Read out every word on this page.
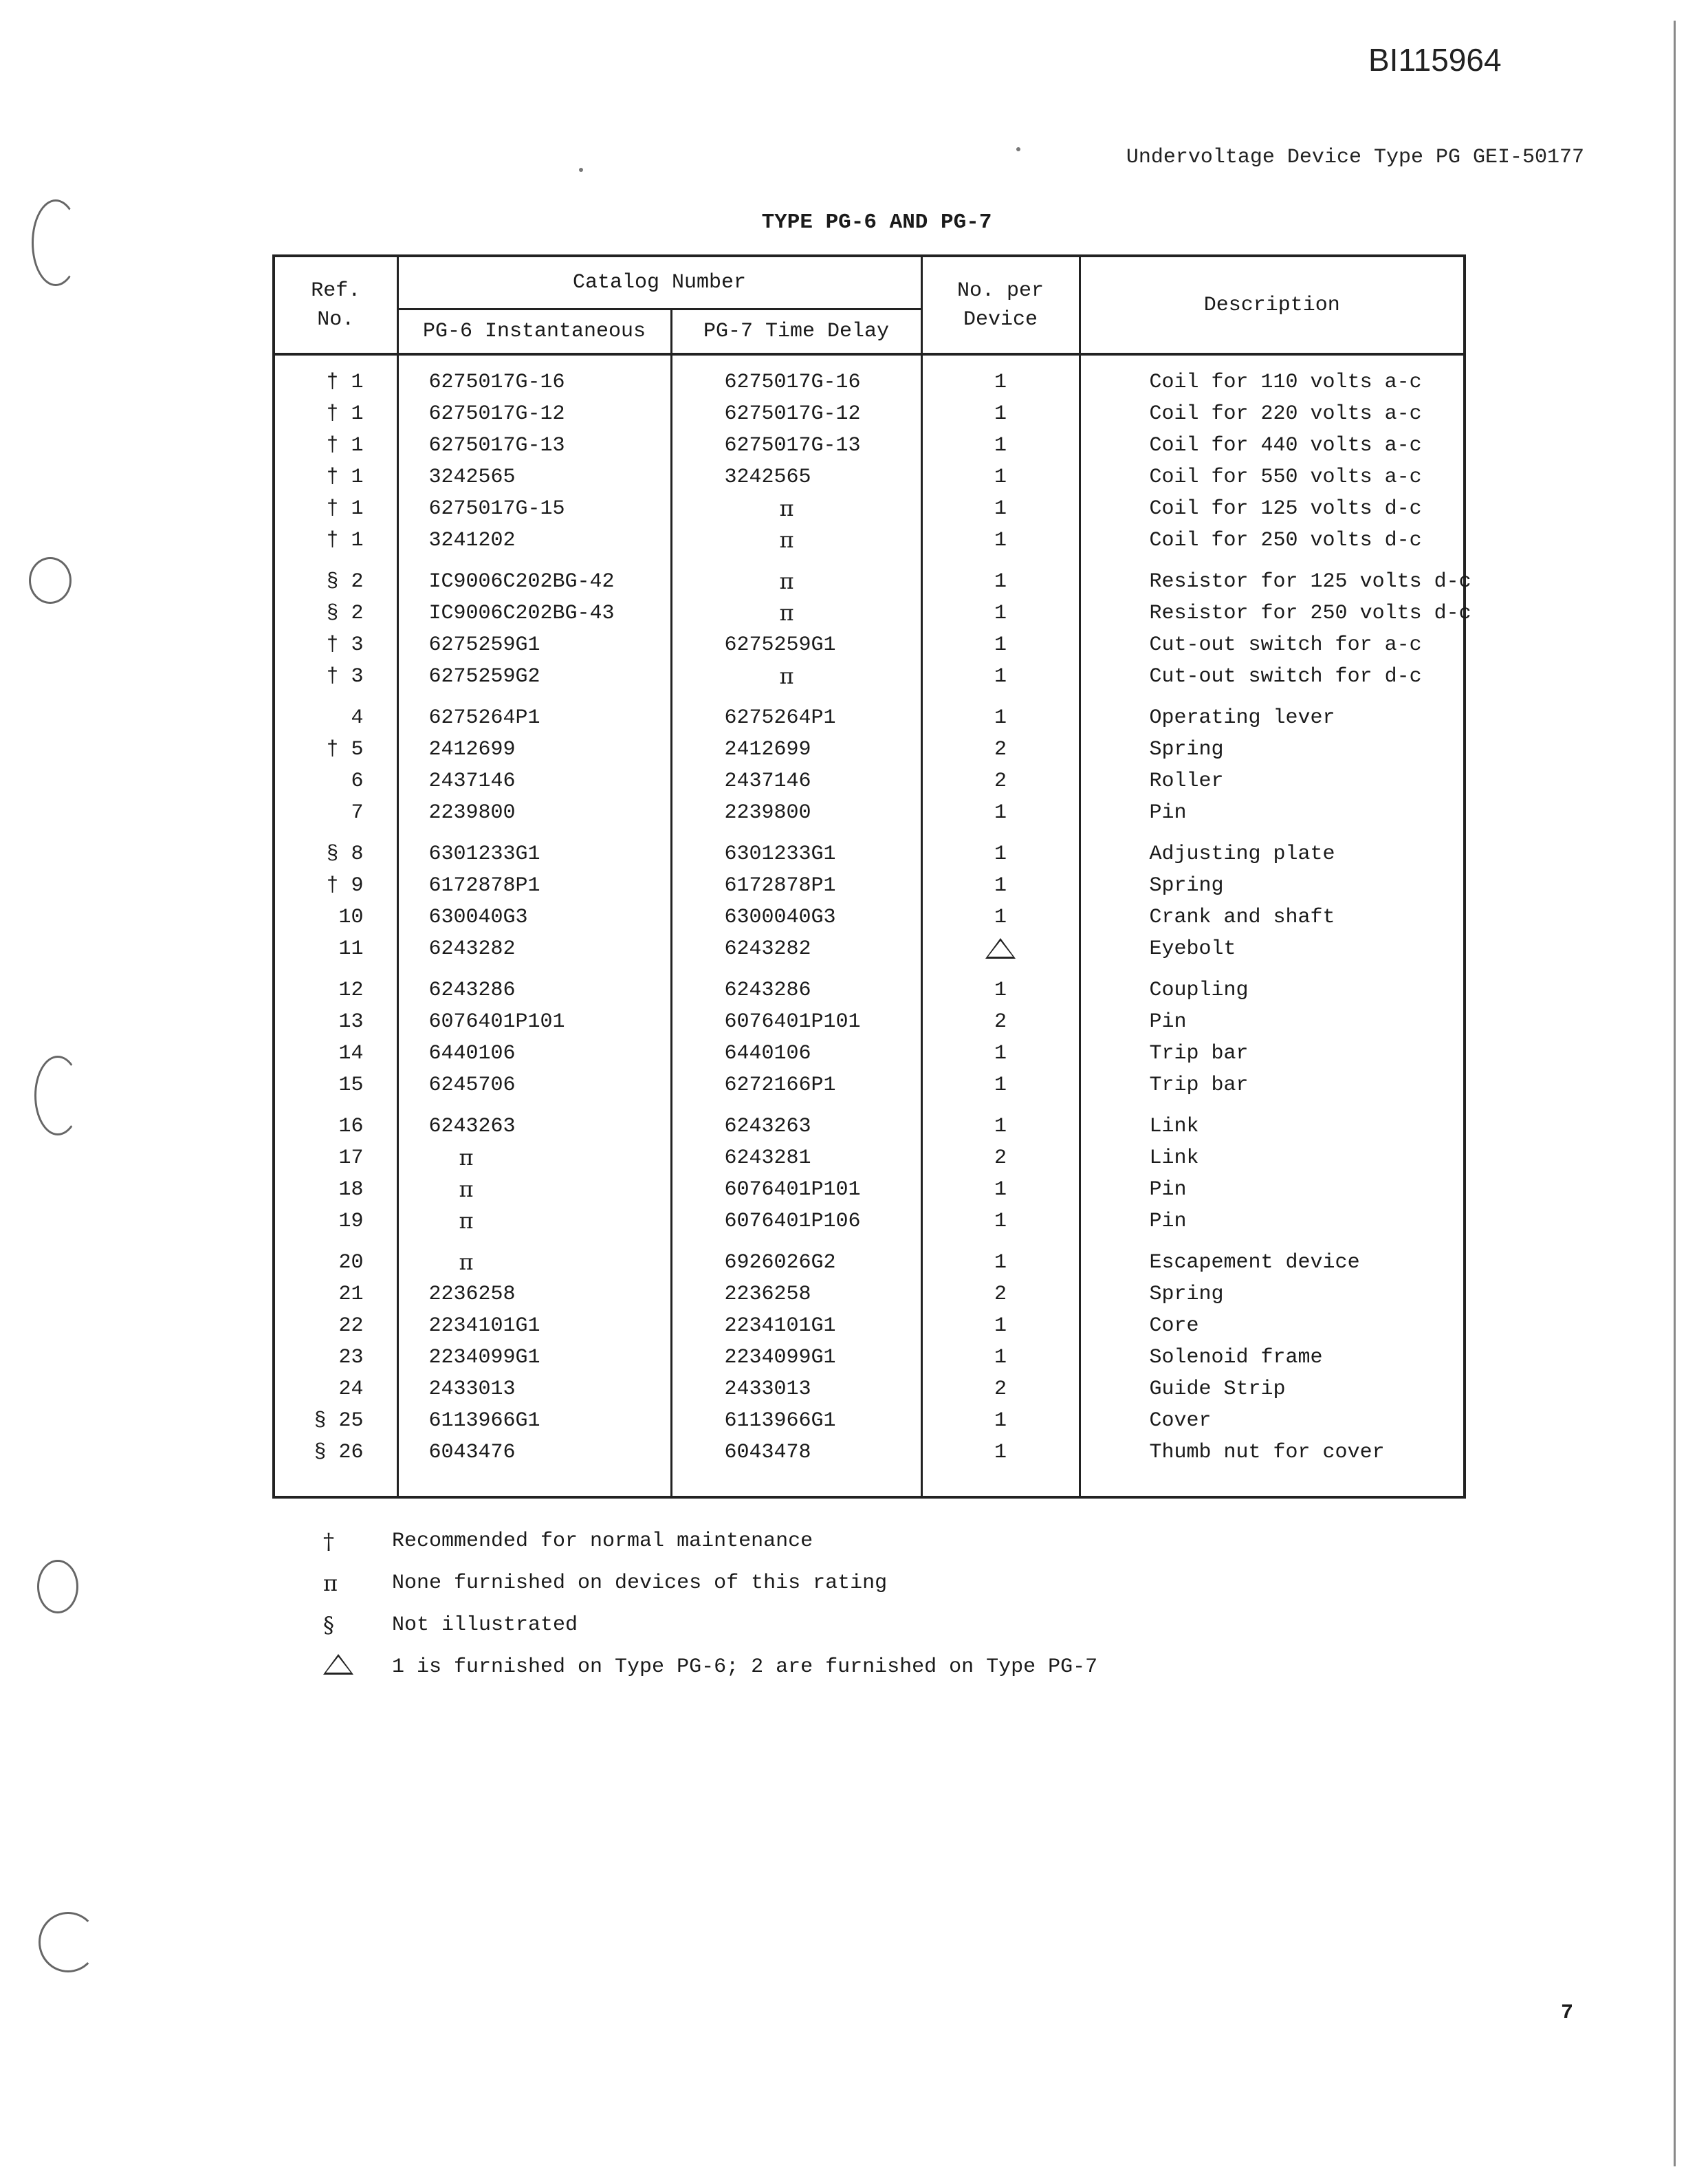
BI115964
Undervoltage Device Type PG GEI-50177
TYPE PG-6 AND PG-7
Ref. No.	Catalog Number		No. per Device	Description
	PG-6 Instantaneous	PG-7 Time Delay		
† 1	6275017G-16	6275017G-16	1	Coil for 110 volts a-c
† 1	6275017G-12	6275017G-12	1	Coil for 220 volts a-c
† 1	6275017G-13	6275017G-13	1	Coil for 440 volts a-c
† 1	3242565	3242565	1	Coil for 550 volts a-c
† 1	6275017G-15	π	1	Coil for 125 volts d-c
† 1	3241202	π	1	Coil for 250 volts d-c
§ 2	IC9006C202BG-42	π	1	Resistor for 125 volts d-c
§ 2	IC9006C202BG-43	π	1	Resistor for 250 volts d-c
† 3	6275259G1	6275259G1	1	Cut-out switch for a-c
† 3	6275259G2	π	1	Cut-out switch for d-c
4	6275264P1	6275264P1	1	Operating lever
† 5	2412699	2412699	2	Spring
6	2437146	2437146	2	Roller
7	2239800	2239800	1	Pin
§ 8	6301233G1	6301233G1	1	Adjusting plate
† 9	6172878P1	6172878P1	1	Spring
10	630040G3	6300040G3	1	Crank and shaft
11	6243282	6243282		Eyebolt
12	6243286	6243286	1	Coupling
13	6076401P101	6076401P101	2	Pin
14	6440106	6440106	1	Trip bar
15	6245706	6272166P1	1	Trip bar
16	6243263	6243263	1	Link
17	π	6243281	2	Link
18	π	6076401P101	1	Pin
19	π	6076401P106	1	Pin
20	π	6926026G2	1	Escapement device
21	2236258	2236258	2	Spring
22	2234101G1	2234101G1	1	Core
23	2234099G1	2234099G1	1	Solenoid frame
24	2433013	2433013	2	Guide Strip
§ 25	6113966G1	6113966G1	1	Cover
§ 26	6043476	6043478	1	Thumb nut for cover
†	Recommended for normal maintenance
π	None furnished on devices of this rating
§	Not illustrated
1 is furnished on Type PG-6; 2 are furnished on Type PG-7
7
